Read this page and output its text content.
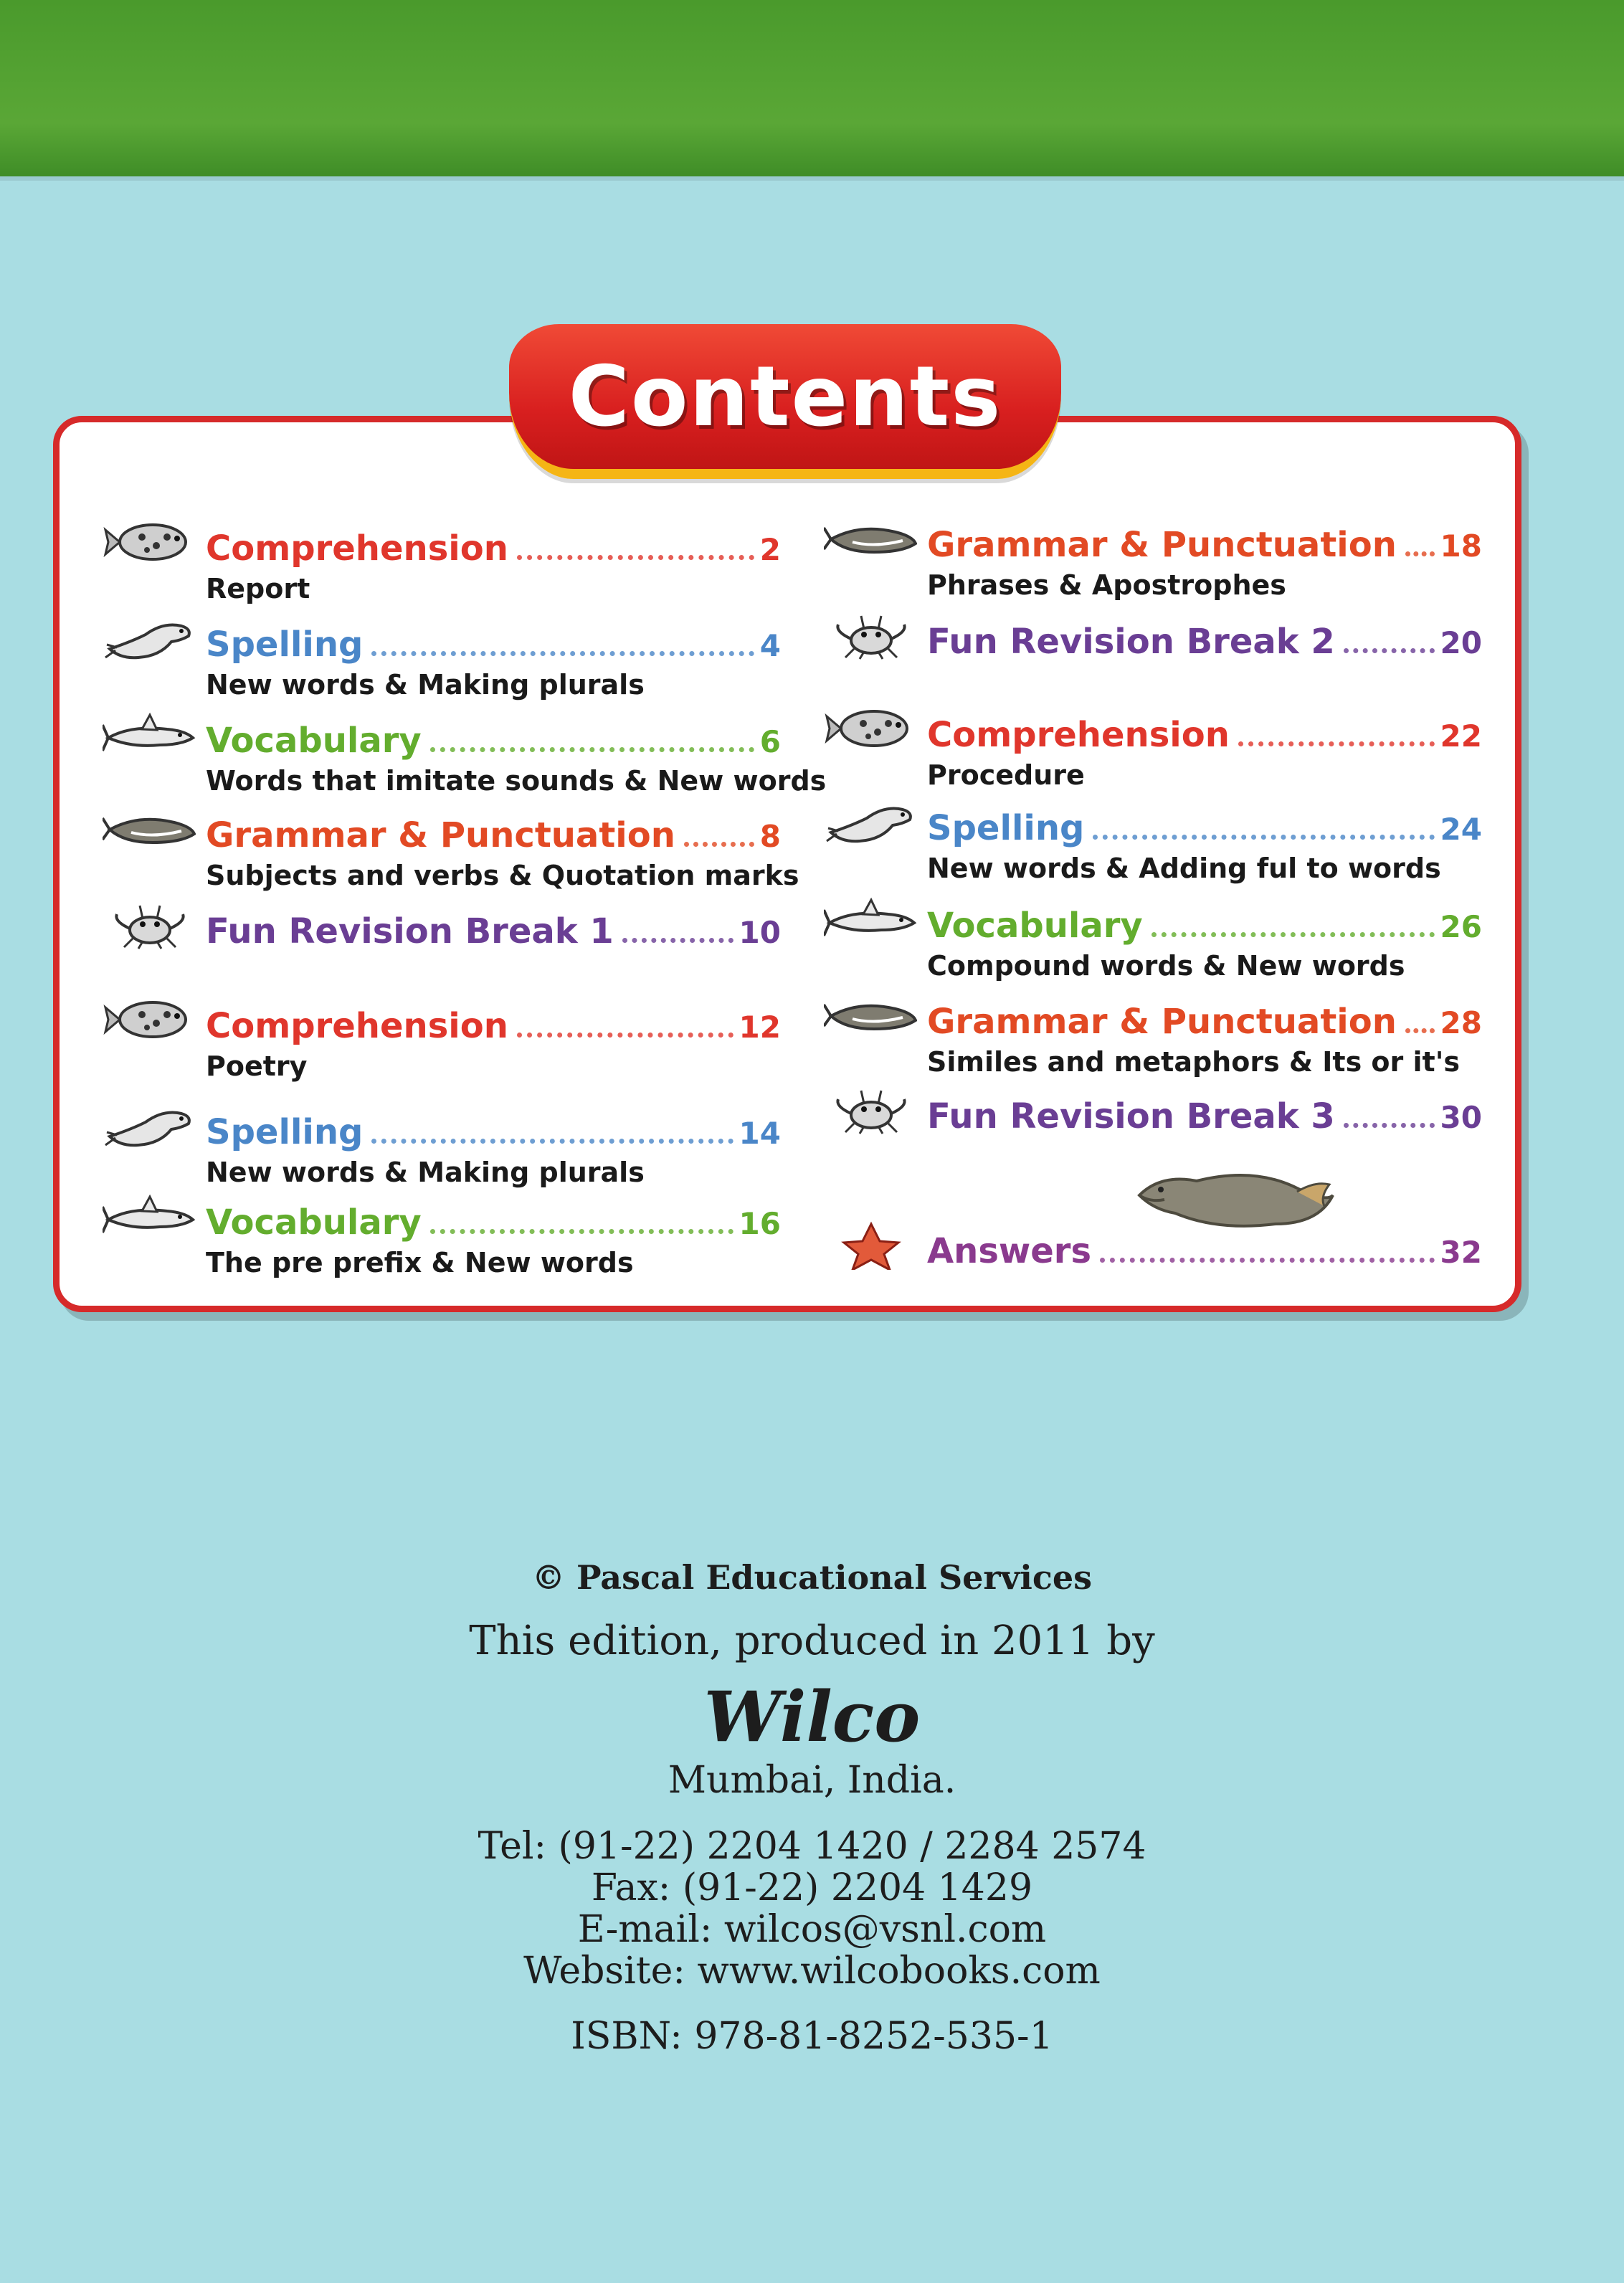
Comprehension	2
Report
Spelling	4
New words & Making plurals
Vocabulary	6
Words that imitate sounds & New words
Grammar & Punctuation	8
Subjects and verbs & Quotation marks
Fun Revision Break 1	10
Comprehension	12
Poetry
Spelling	14
New words & Making plurals
Vocabulary	16
The pre prefix & New words
Grammar & Punctuation 18
Phrases & Apostrophes
Fun Revision Break 2	20
Comprehension	22
Procedure
Spelling	24
New words & Adding ful to words
Vocabulary	26
Compound words & New words
Grammar & Punctuation 28
Similes and metaphors & Its or it's
Fun Revision Break 3	30
Answers	32
Contents
© Pascal Educational Services
This edition, produced in 2011 by
Wilco
Mumbai, India.
Tel: (91-22) 2204 1420 / 2284 2574
Fax: (91-22) 2204 1429
E-mail: wilcos@vsnl.com
Website: www.wilcobooks.com
ISBN: 978-81-8252-535-1
